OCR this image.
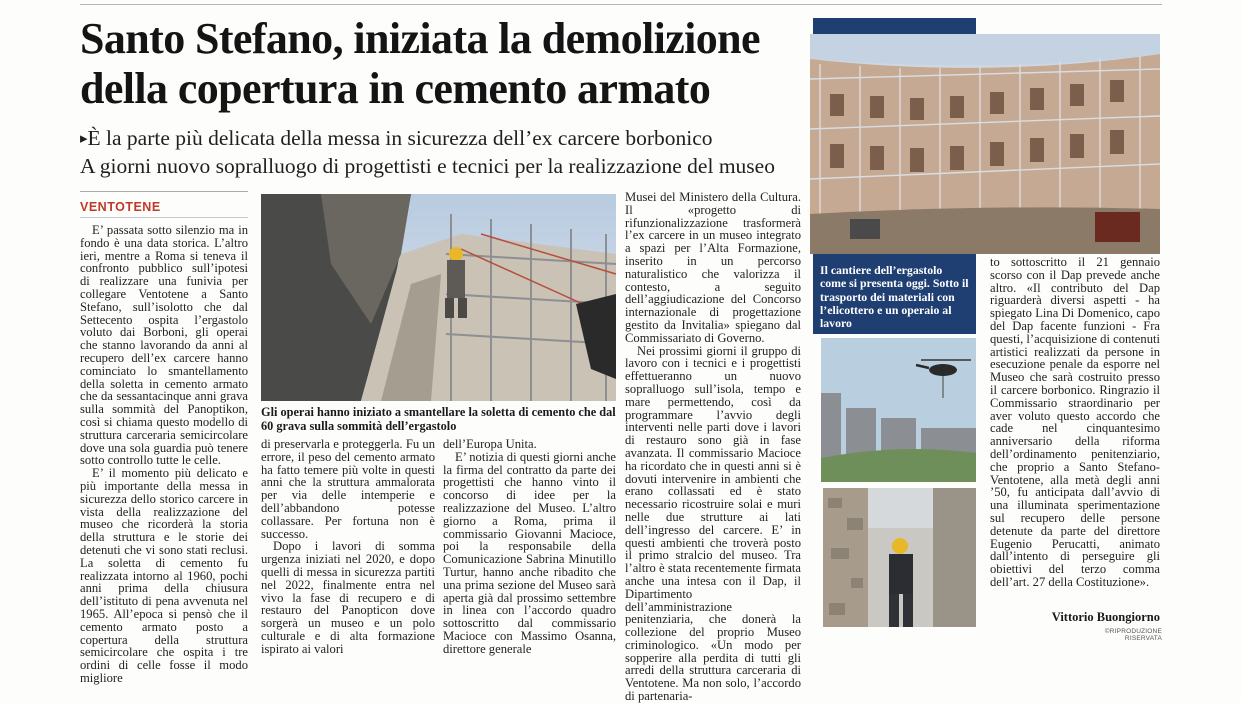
Santo Stefano, iniziata la demolizione
della copertura in cemento armato
▸È la parte più delicata della messa in sicurezza dell’ex carcere borbonico
A giorni nuovo sopralluogo di progettisti e tecnici per la realizzazione del museo
VENTOTENE

E’ passata sotto silenzio ma in fondo è una data storica. L’altro ieri, mentre a Roma si teneva il confronto pubblico sull’ipotesi di realizzare una funivia per collegare Ventotene a Santo Stefano, sull’isolotto che dal Settecento ospita l’ergastolo voluto dai Borboni, gli operai che stanno lavorando da anni al recupero dell’ex carcere hanno cominciato lo smantellamento della soletta in cemento armato che da sessantacinque anni grava sulla sommità del Panoptikon, così si chiama questo modello di struttura carceraria semicircolare dove una sola guardia può tenere sotto controllo tutte le celle.

E’ il momento più delicato e più importante della messa in sicurezza dello storico carcere in vista della realizzazione del museo che ricorderà la storia della struttura e le storie dei detenuti che vi sono stati reclusi. La soletta di cemento fu realizzata intorno al 1960, pochi anni prima della chiusura dell’istituto di pena avvenuta nel 1965. All’epoca si pensò che il cemento armato posto a copertura della struttura semicircolare che ospita i tre ordini di celle fosse il modo migliore

Gli operai hanno iniziato a smantellare la soletta di cemento che dal 60 grava sulla sommità dell’ergastolo

di preservarla e proteggerla. Fu un errore, il peso del cemento armato ha fatto temere più volte in questi anni che la struttura ammalorata per via delle intemperie e dell’abbandono potesse collassare. Per fortuna non è successo.

Dopo i lavori di somma urgenza iniziati nel 2020, e dopo quelli di messa in sicurezza partiti nel 2022, finalmente entra nel vivo la fase di recupero e di restauro del Panopticon dove sorgerà un museo e un polo culturale e di alta formazione ispirato ai valori

dell’Europa Unita.

E’ notizia di questi giorni anche la firma del contratto da parte dei progettisti che hanno vinto il concorso di idee per la realizzazione del Museo. L’altro giorno a Roma, prima il commissario Giovanni Macioce, poi la responsabile della Comunicazione Sabrina Minutillo Turtur, hanno anche ribadito che una prima sezione del Museo sarà aperta già dal prossimo settembre in linea con l’accordo quadro sottoscritto dal commissario Macioce con Massimo Osanna, direttore generale

Musei del Ministero della Cultura. Il «progetto di rifunzionalizzazione trasformerà l’ex carcere in un museo integrato a spazi per l’Alta Formazione, inserito in un percorso naturalistico che valorizza il contesto, a seguito dell’aggiudicazione del Concorso internazionale di progettazione gestito da Invitalia» spiegano dal Commissariato di Governo.

Nei prossimi giorni il gruppo di lavoro con i tecnici e i progettisti effettueranno un nuovo sopralluogo sull’isola, tempo e mare permettendo, così da programmare l’avvio degli interventi nelle parti dove i lavori di restauro sono già in fase avanzata. Il commissario Macioce ha ricordato che in questi anni si è dovuti intervenire in ambienti che erano collassati ed è stato necessario ricostruire solai e muri nelle due strutture ai lati dell’ingresso del carcere. E’ in questi ambienti che troverà posto il primo stralcio del museo. Tra l’altro è stata recentemente firmata anche una intesa con il Dap, il Dipartimento dell’amministrazione penitenziaria, che donerà la collezione del proprio Museo criminologico. «Un modo per sopperire alla perdita di tutti gli arredi della struttura carceraria di Ventotene. Ma non solo, l’accordo di partenaria-

Il cantiere dell’ergastolo come si presenta oggi. Sotto il trasporto dei materiali con l’elicottero e un operaio al lavoro

to sottoscritto il 21 gennaio scorso con il Dap prevede anche altro. «Il contributo del Dap riguarderà diversi aspetti - ha spiegato Lina Di Domenico, capo del Dap facente funzioni - Fra questi, l’acquisizione di contenuti artistici realizzati da persone in esecuzione penale da esporre nel Museo che sarà costruito presso il carcere borbonico. Ringrazio il Commissario straordinario per aver voluto questo accordo che cade nel cinquantesimo anniversario della riforma dell’ordinamento penitenziario, che proprio a Santo Stefano-Ventotene, alla metà degli anni ’50, fu anticipata dall’avvio di una illuminata sperimentazione sul recupero delle persone detenute da parte del direttore Eugenio Perucatti, animato dall’intento di perseguire gli obiettivi del terzo comma dell’art. 27 della Costituzione».

Vittorio Buongiorno
©RIPRODUZIONE RISERVATA
